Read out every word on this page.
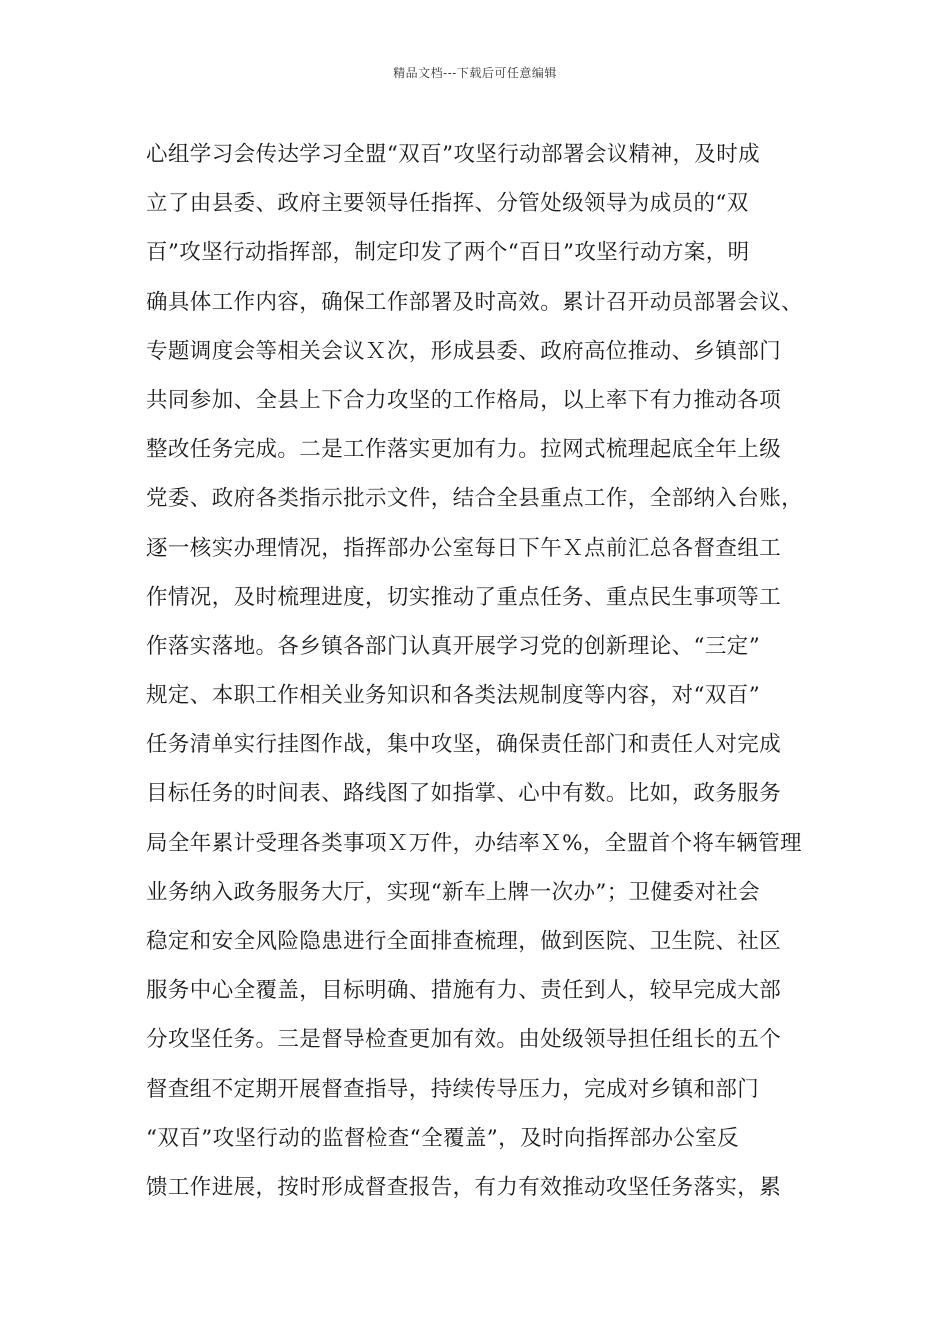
精品文档---下载后可任意编辑
心组学习会传达学习全盟“双百”攻坚行动部署会议精神，及时成
立了由县委、政府主要领导任指挥、分管处级领导为成员的“双
百”攻坚行动指挥部，制定印发了两个“百日”攻坚行动方案，明
确具体工作内容，确保工作部署及时高效。累计召开动员部署会议、
专题调度会等相关会议Ｘ次，形成县委、政府高位推动、乡镇部门
共同参加、全县上下合力攻坚的工作格局，以上率下有力推动各项
整改任务完成。二是工作落实更加有力。拉网式梳理起底全年上级
党委、政府各类指示批示文件，结合全县重点工作，全部纳入台账，
逐一核实办理情况，指挥部办公室每日下午Ｘ点前汇总各督查组工
作情况，及时梳理进度，切实推动了重点任务、重点民生事项等工
作落实落地。各乡镇各部门认真开展学习党的创新理论、“三定”
规定、本职工作相关业务知识和各类法规制度等内容，对“双百”
任务清单实行挂图作战，集中攻坚，确保责任部门和责任人对完成
目标任务的时间表、路线图了如指掌、心中有数。比如，政务服务
局全年累计受理各类事项Ｘ万件，办结率Ｘ%，全盟首个将车辆管理
业务纳入政务服务大厅，实现“新车上牌一次办”；卫健委对社会
稳定和安全风险隐患进行全面排查梳理，做到医院、卫生院、社区
服务中心全覆盖，目标明确、措施有力、责任到人，较早完成大部
分攻坚任务。三是督导检查更加有效。由处级领导担任组长的五个
督查组不定期开展督查指导，持续传导压力，完成对乡镇和部门
“双百”攻坚行动的监督检查“全覆盖”，及时向指挥部办公室反
馈工作进展，按时形成督查报告，有力有效推动攻坚任务落实，累
